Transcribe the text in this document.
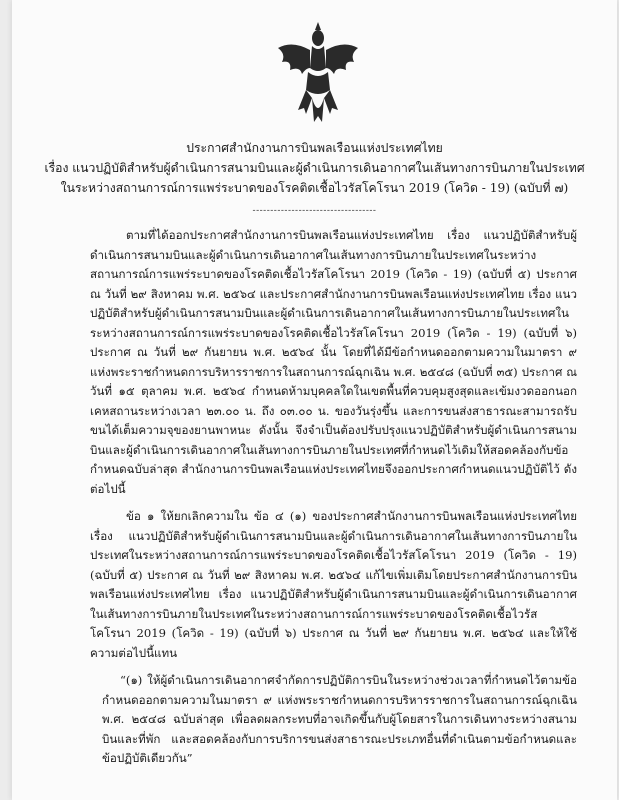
ประกาศสำนักงานการบินพลเรือนแห่งประเทศไทย

เรื่อง แนวปฏิบัติสำหรับผู้ดำเนินการสนามบินและผู้ดำเนินการเดินอากาศในเส้นทางการบินภายในประเทศ

ในระหว่างสถานการณ์การแพร่ระบาดของโรคติดเชื้อไวรัสโคโรนา 2019 (โควิด - 19) (ฉบับที่ ๗)

-----------------------------------

ตามที่ได้ออกประกาศสำนักงานการบินพลเรือนแห่งประเทศไทย เรื่อง แนวปฏิบัติสำหรับผู้ดำเนินการสนามบินและผู้ดำเนินการเดินอากาศในเส้นทางการบินภายในประเทศในระหว่างสถานการณ์การแพร่ระบาดของโรคติดเชื้อไวรัสโคโรนา 2019 (โควิด - 19) (ฉบับที่ ๕) ประกาศ ณ วันที่ ๒๙ สิงหาคม พ.ศ. ๒๕๖๔ และประกาศสำนักงานการบินพลเรือนแห่งประเทศไทย เรื่อง แนวปฏิบัติสำหรับผู้ดำเนินการสนามบินและผู้ดำเนินการเดินอากาศในเส้นทางการบินภายในประเทศในระหว่างสถานการณ์การแพร่ระบาดของโรคติดเชื้อไวรัสโคโรนา 2019 (โควิด - 19) (ฉบับที่ ๖) ประกาศ ณ วันที่ ๒๙ กันยายน พ.ศ. ๒๕๖๔ นั้น โดยที่ได้มีข้อกำหนดออกตามความในมาตรา ๙ แห่งพระราชกำหนดการบริหารราชการในสถานการณ์ฉุกเฉิน พ.ศ. ๒๕๔๘ (ฉบับที่ ๓๕) ประกาศ ณ วันที่ ๑๕ ตุลาคม พ.ศ. ๒๕๖๔ กำหนดห้ามบุคคลใดในเขตพื้นที่ควบคุมสูงสุดและเข้มงวดออกนอกเคหสถานระหว่างเวลา ๒๓.๐๐ น. ถึง ๐๓.๐๐ น. ของวันรุ่งขึ้น และการขนส่งสาธารณะสามารถรับขนได้เต็มความจุของยานพาหนะ ดังนั้น จึงจำเป็นต้องปรับปรุงแนวปฏิบัติสำหรับผู้ดำเนินการสนามบินและผู้ดำเนินการเดินอากาศในเส้นทางการบินภายในประเทศที่กำหนดไว้เดิมให้สอดคล้องกับข้อกำหนดฉบับล่าสุด สำนักงานการบินพลเรือนแห่งประเทศไทยจึงออกประกาศกำหนดแนวปฏิบัติไว้ ดังต่อไปนี้

ข้อ ๑ ให้ยกเลิกความใน ข้อ ๔ (๑) ของประกาศสำนักงานการบินพลเรือนแห่งประเทศไทย เรื่อง แนวปฏิบัติสำหรับผู้ดำเนินการสนามบินและผู้ดำเนินการเดินอากาศในเส้นทางการบินภายในประเทศในระหว่างสถานการณ์การแพร่ระบาดของโรคติดเชื้อไวรัสโคโรนา 2019 (โควิด - 19) (ฉบับที่ ๕) ประกาศ ณ วันที่ ๒๙ สิงหาคม พ.ศ. ๒๕๖๔ แก้ไขเพิ่มเติมโดยประกาศสำนักงานการบินพลเรือนแห่งประเทศไทย เรื่อง แนวปฏิบัติสำหรับผู้ดำเนินการสนามบินและผู้ดำเนินการเดินอากาศในเส้นทางการบินภายในประเทศในระหว่างสถานการณ์การแพร่ระบาดของโรคติดเชื้อไวรัสโคโรนา 2019 (โควิด - 19) (ฉบับที่ ๖) ประกาศ ณ วันที่ ๒๙ กันยายน พ.ศ. ๒๕๖๔ และให้ใช้ความต่อไปนี้แทน

“(๑) ให้ผู้ดำเนินการเดินอากาศจำกัดการปฏิบัติการบินในระหว่างช่วงเวลาที่กำหนดไว้ตามข้อกำหนดออกตามความในมาตรา ๙ แห่งพระราชกำหนดการบริหารราชการในสถานการณ์ฉุกเฉิน พ.ศ. ๒๕๔๘ ฉบับล่าสุด เพื่อลดผลกระทบที่อาจเกิดขึ้นกับผู้โดยสารในการเดินทางระหว่างสนามบินและที่พัก และสอดคล้องกับการบริการขนส่งสาธารณะประเภทอื่นที่ดำเนินตามข้อกำหนดและข้อปฏิบัติเดียวกัน”
